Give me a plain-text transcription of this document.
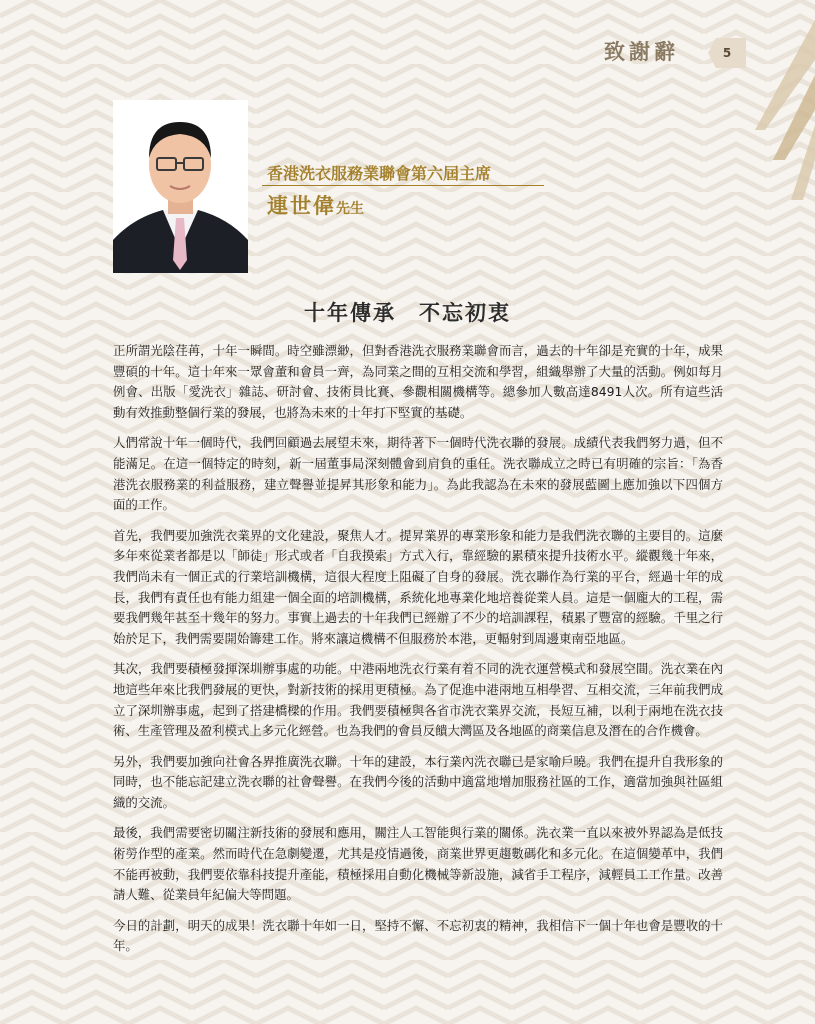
致謝辭	5
香港洗衣服務業聯會第六屆主席
連世偉先生
十年傳承　不忘初衷

正所謂光陰荏苒，十年一瞬間。時空雖漂緲，但對香港洗衣服務業聯會而言，過去的十年卻是充實的十年，成果豐碩的十年。這十年來一眾會董和會員一齊，為同業之間的互相交流和學習，組織舉辦了大量的活動。例如每月例會、出版「愛洗衣」雜誌、研討會、技術員比賽、參觀相關機構等。總參加人數高達8491人次。所有這些活動有效推動整個行業的發展，也將為未來的十年打下堅實的基礎。

人們常說十年一個時代，我們回顧過去展望未來，期待著下一個時代洗衣聯的發展。成績代表我們努力過，但不能滿足。在這一個特定的時刻，新一屆董事局深刻體會到肩負的重任。洗衣聯成立之時已有明確的宗旨：「為香港洗衣服務業的利益服務，建立聲譽並提昇其形象和能力」。為此我認為在未來的發展藍圖上應加強以下四個方面的工作。

首先，我們要加強洗衣業界的文化建設，聚焦人才。提昇業界的專業形象和能力是我們洗衣聯的主要目的。這麼多年來從業者都是以「師徒」形式或者「自我摸索」方式入行，靠經驗的累積來提升技術水平。縱觀幾十年來，我們尚未有一個正式的行業培訓機構，這很大程度上阻礙了自身的發展。洗衣聯作為行業的平台，經過十年的成長，我們有責任也有能力組建一個全面的培訓機構，系統化地專業化地培養從業人員。這是一個龐大的工程，需要我們幾年甚至十幾年的努力。事實上過去的十年我們已經辦了不少的培訓課程，積累了豐富的經驗。千里之行始於足下，我們需要開始籌建工作。將來讓這機構不但服務於本港，更輻射到周邊東南亞地區。

其次，我們要積極發揮深圳辦事處的功能。中港兩地洗衣行業有着不同的洗衣運營模式和發展空間。洗衣業在內地這些年來比我們發展的更快，對新技術的採用更積極。為了促進中港兩地互相學習、互相交流，三年前我們成立了深圳辦事處，起到了搭建橋樑的作用。我們要積極與各省市洗衣業界交流，長短互補，以利于兩地在洗衣技術、生產管理及盈利模式上多元化經營。也為我們的會員反饋大灣區及各地區的商業信息及潛在的合作機會。

另外，我們要加強向社會各界推廣洗衣聯。十年的建設，本行業內洗衣聯已是家喻戶曉。我們在提升自我形象的同時，也不能忘記建立洗衣聯的社會聲譽。在我們今後的活動中適當地增加服務社區的工作，適當加強與社區組織的交流。

最後，我們需要密切關注新技術的發展和應用，關注人工智能與行業的關係。洗衣業一直以來被外界認為是低技術勞作型的產業。然而時代在急劇變遷，尤其是疫情過後，商業世界更趨數碼化和多元化。在這個變革中，我們不能再被動，我們要依靠科技提升產能，積極採用自動化機械等新設施，減省手工程序，減輕員工工作量。改善請人難、從業員年紀偏大等問題。

今日的計劃，明天的成果！洗衣聯十年如一日，堅持不懈、不忘初衷的精神，我相信下一個十年也會是豐收的十年。
